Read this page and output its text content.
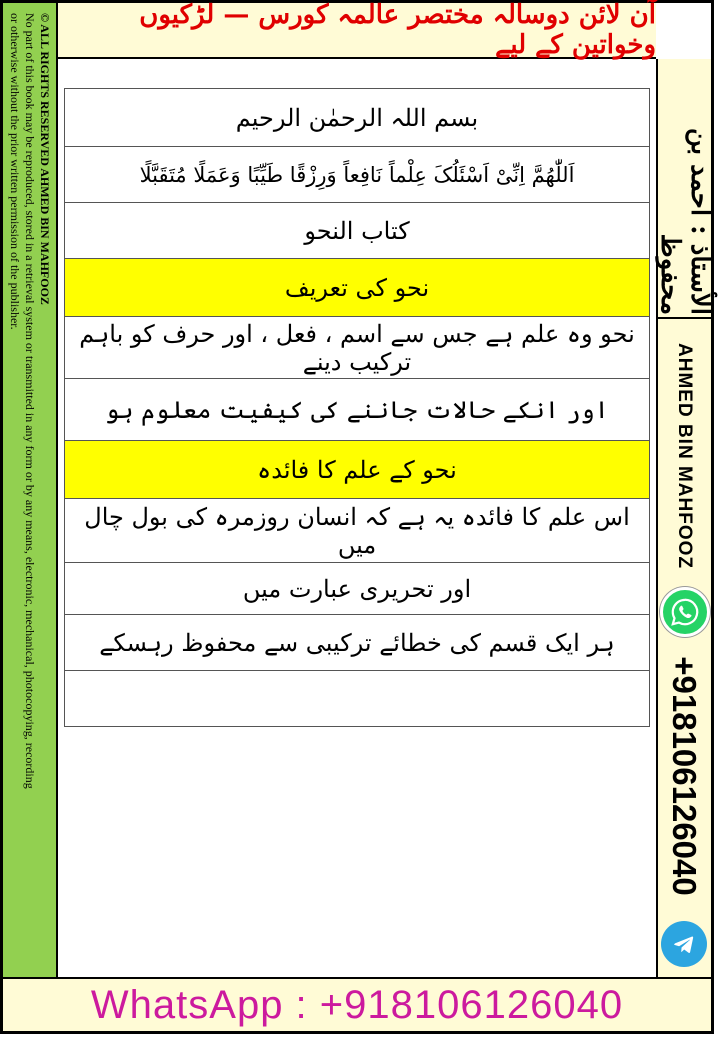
آن لائن دوسالہ مختصر عالمہ کورس — لڑکیوں وخواتین کے لیے
© ALL RIGHTS RESERVED AHMED BIN MAHFOOZ
No part of this book may be reproduced, stored in a retrieval system or transmitted in any form or by any means, electronic, mechanical, photocopying, recording
or otherwise without the prior written permission of the publisher.	الأستاذ : احمد بن محفوظ
AHMED BIN MAHFOOZ
+918106126040
بسم اللہ الرحمٰن الرحیم
اَللّٰھُمَّ اِنِّیْ اَسْئَلُکَ عِلْماً نَافِعاً وَرِزْقًا طَیِّبًا وَعَمَلًا مُتَقَبَّلًا
کتاب النحو
نحو کی تعریف
نحو وہ علم ہے جس سے اسم ، فعل ، اور حرف کو باہم ترکیب دینے
اور انکے حالات جاننے کی کیفیت معلوم ہو
نحو کے علم کا فائدہ
اس علم کا فائدہ یہ ہے کہ انسان روزمرہ کی بول چال میں
اور تحریری عبارت میں
ہر ایک قسم کی خطائے ترکیبی سے محفوظ رہسکے

WhatsApp : +918106126040
